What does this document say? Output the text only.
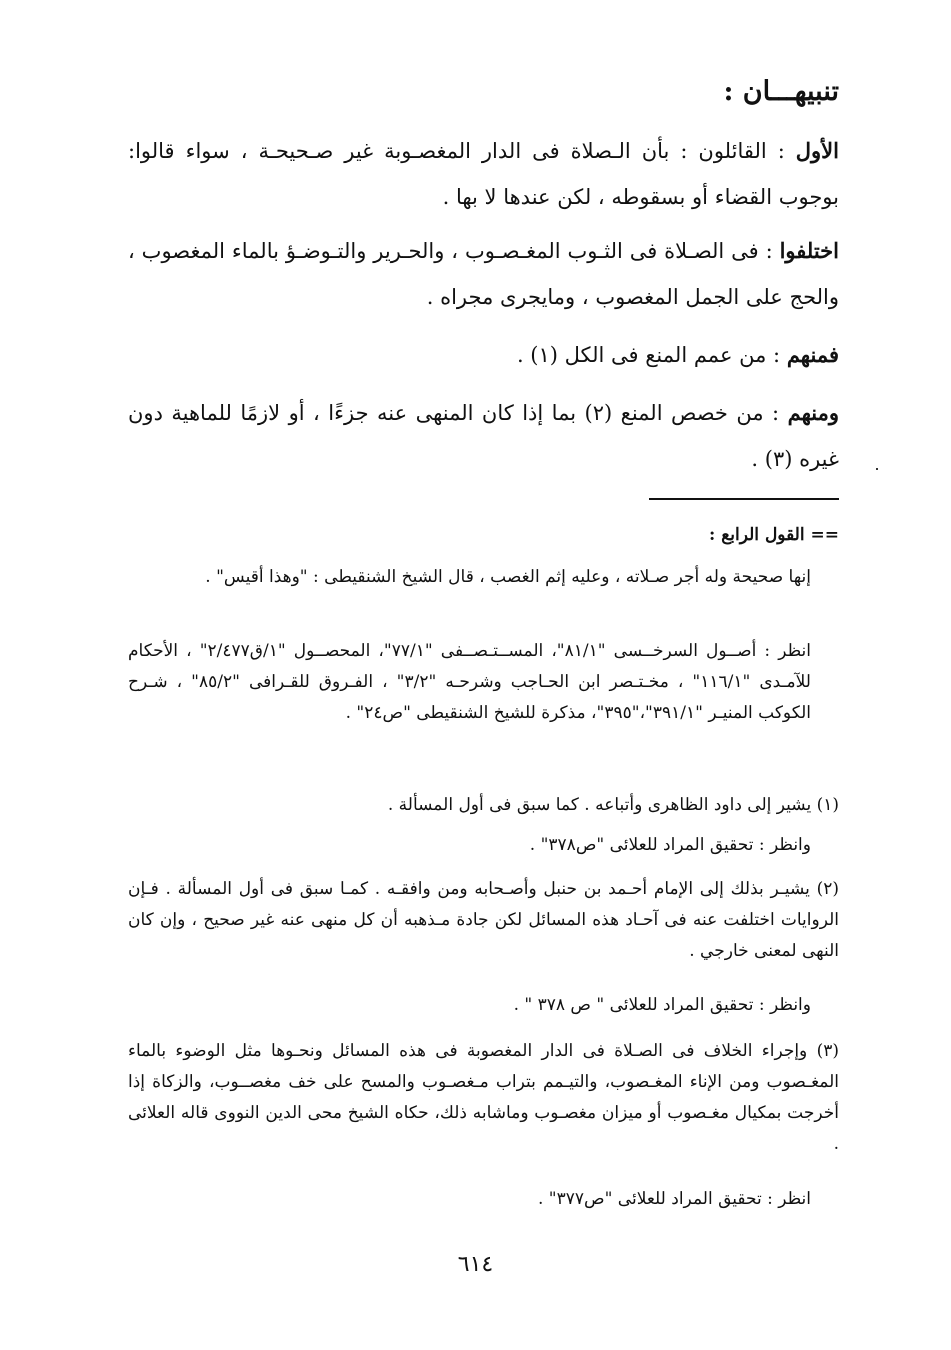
تنبيهـــان :
الأول : القائلون : بأن الـصلاة فى الدار المغصـوبة غير صـحيحـة ، سواء قالوا: بوجوب القضاء أو بسقوطه ، لكن عندها لا بها .
اختلفوا : فى الصـلاة فى الثـوب المغـصـوب ، والحـرير والتـوضـؤ بالماء المغصوب ، والحج على الجمل المغصوب ، ومايجرى مجراه .
فمنهم : من عمم المنع فى الكل (١) .
ومنهم : من خصص المنع (٢) بما إذا كان المنهى عنه جزءًا ، أو لازمًا للماهية دون غيره (٣) .
== القول الرابع :
إنها صحيحة وله أجر صـلاته ، وعليه إثم الغصب ، قال الشيخ الشنقيطى : "وهذا أقيس" .
انظر : أصــول السرخــسى "٨١/١"، المســتـصــفى "٧٧/١"، المحصــول "١/ق٢/٤٧٧" ، الأحكام للآمـدى "١١٦/١" ، مخـتـصر ابن الحـاجب وشرحـه "٣/٢" ، الفـروق للقـرافى "٨٥/٢" ، شـرح الكوكب المنيـر "٣٩١/١"،"٣٩٥"، مذكرة للشيخ الشنقيطى "ص٢٤" .
(١) يشير إلى داود الظاهرى وأتباعه . كما سبق فى أول المسألة .
وانظر : تحقيق المراد للعلائى "ص٣٧٨" .
(٢) يشيـر بذلك إلى الإمام أحـمد بن حنبل وأصـحابه ومن وافقـه . كمـا سبق فى أول المسألة . فـإن الروايات اختلفت عنه فى آحـاد هذه المسائل لكن جادة مـذهبه أن كل منهى عنه غير صحيح ، وإن كان النهى لمعنى خارجي .
وانظر : تحقيق المراد للعلائى " ص ٣٧٨ " .
(٣) وإجراء الخلاف فى الصـلاة فى الدار المغصوبة فى هذه المسائل ونحـوها مثل الوضوء بالماء المغـصوب ومن الإناء المغـصوب، والتيـمم بتراب مـغصـوب والمسح على خف مغصــوب، والزكاة إذا أخرجت بمكيال مغـصوب أو ميزان مغصـوب وماشابه ذلك، حكاه الشيخ محى الدين النووى قاله العلائى .
انظر : تحقيق المراد للعلائى "ص٣٧٧" .
٦١٤
